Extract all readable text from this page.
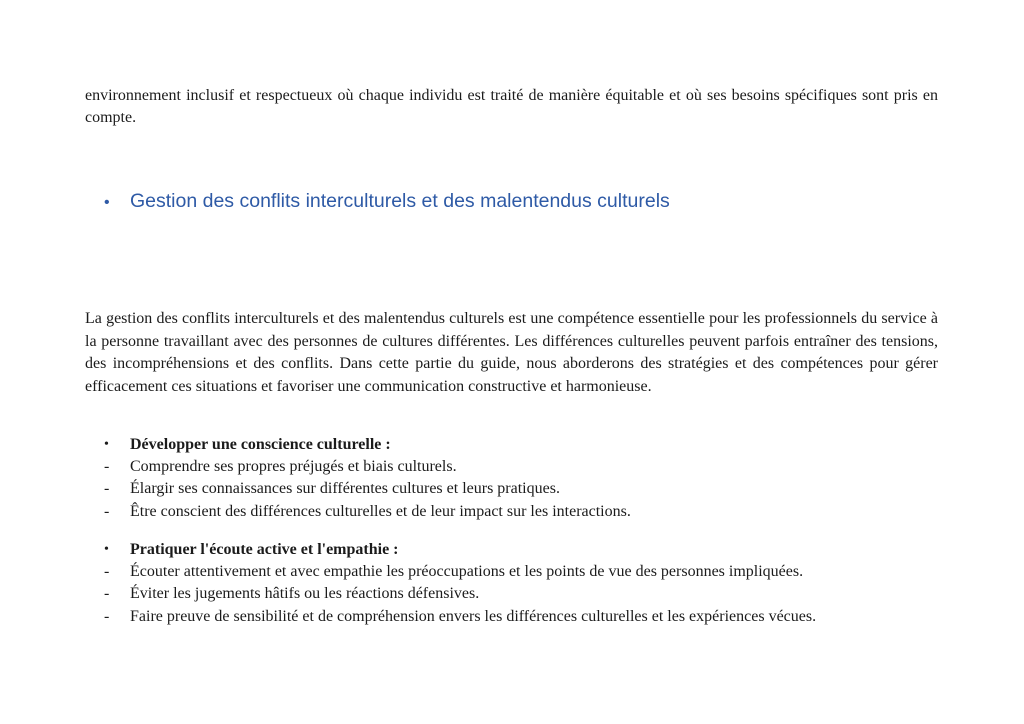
environnement inclusif et respectueux où chaque individu est traité de manière équitable et où ses besoins spécifiques sont pris en compte.

•	Gestion des conflits interculturels et des malentendus culturels

La gestion des conflits interculturels et des malentendus culturels est une compétence essentielle pour les professionnels du service à la personne travaillant avec des personnes de cultures différentes. Les différences culturelles peuvent parfois entraîner des tensions, des incompréhensions et des conflits. Dans cette partie du guide, nous aborderons des stratégies et des compétences pour gérer efficacement ces situations et favoriser une communication constructive et harmonieuse.

•	Développer une conscience culturelle :
-	Comprendre ses propres préjugés et biais culturels.
-	Élargir ses connaissances sur différentes cultures et leurs pratiques.
-	Être conscient des différences culturelles et de leur impact sur les interactions.
•	Pratiquer l'écoute active et l'empathie :
-	Écouter attentivement et avec empathie les préoccupations et les points de vue des personnes impliquées.
-	Éviter les jugements hâtifs ou les réactions défensives.
-	Faire preuve de sensibilité et de compréhension envers les différences culturelles et les expériences vécues.
